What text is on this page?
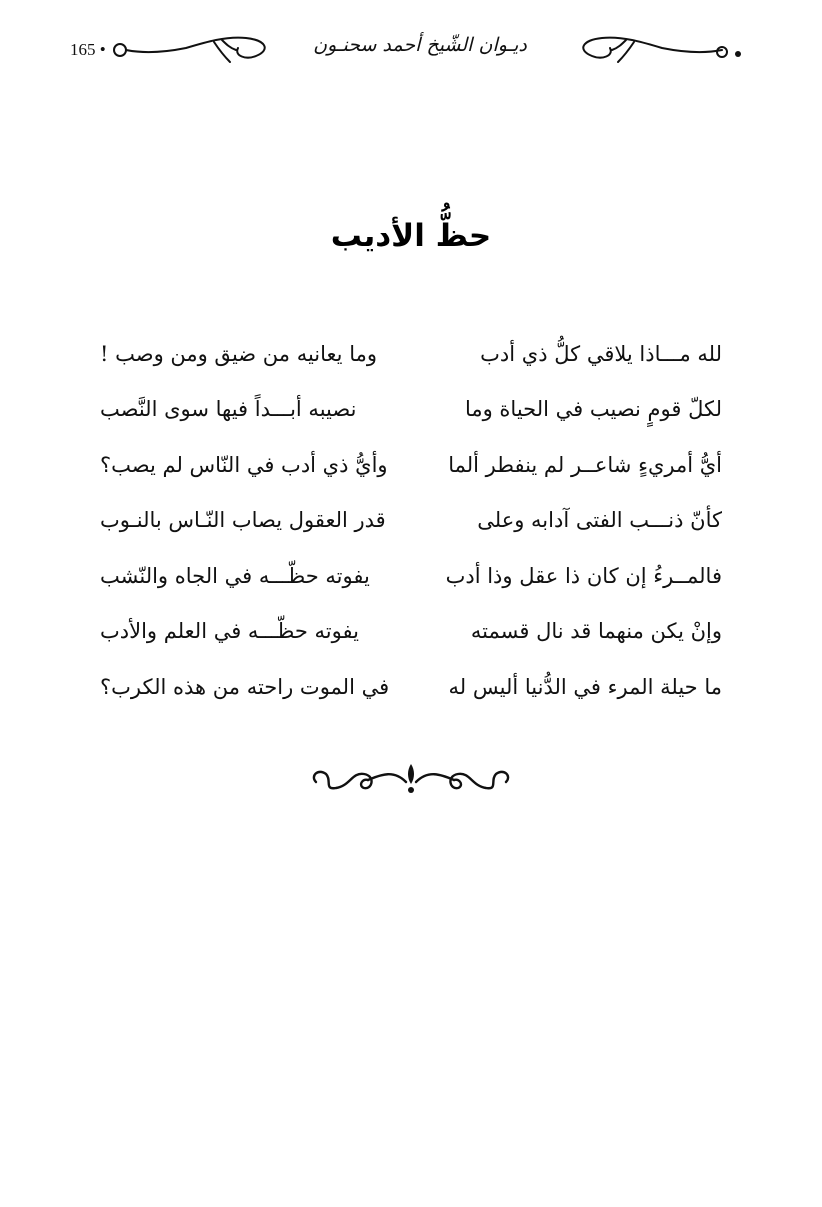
165 •	ديـوان الشّيخ أحمد سحنـون
حظُّ الأديب
لله مـــاذا يلاقي كلُّ ذي أدب
وما يعانيه من ضيق ومن وصب !
لكلّ قومٍ نصيب في الحياة وما
نصيبه أبـــداً فيها سوى النَّصب
أيُّ أمريءٍ شاعــر لم ينفطر ألما
وأيُّ ذي أدب في النّاس لم يصب؟
كأنّ ذنـــب الفتى آدابه وعلى
قدر العقول يصاب النّـاس بالنـوب
فالمــرءُ إن كان ذا عقل وذا أدب
يفوته حظّـــه في الجاه والنّشب
وإنْ يكن منهما قد نال قسمته
يفوته حظّـــه في العلم والأدب
ما حيلة المرء في الدُّنيا أليس له
في الموت راحته من هذه الكرب؟
